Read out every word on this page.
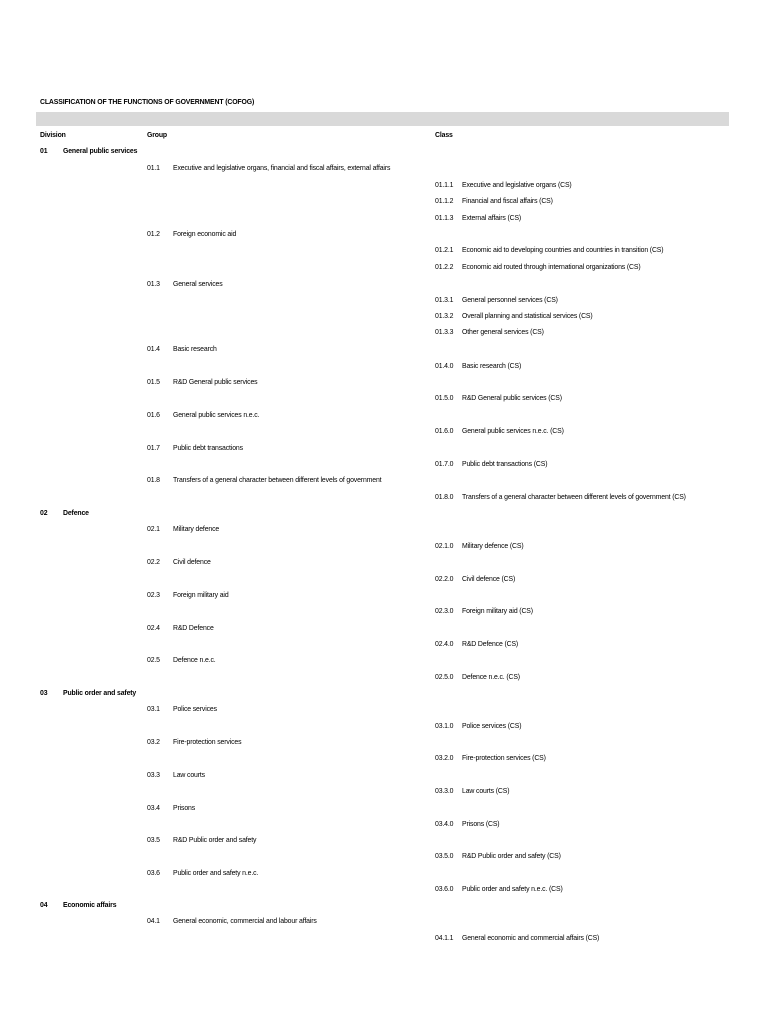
CLASSIFICATION OF THE FUNCTIONS OF GOVERNMENT (COFOG)
Division	Group	Class
01 General public services
01.1 Executive and legislative organs, financial and fiscal affairs, external affairs
01.1.1 Executive and legislative organs (CS)
01.1.2 Financial and fiscal affairs (CS)
01.1.3 External affairs (CS)
01.2 Foreign economic aid
01.2.1 Economic aid to developing countries and countries in transition (CS)
01.2.2 Economic aid routed through international organizations (CS)
01.3 General services
01.3.1 General personnel services (CS)
01.3.2 Overall planning and statistical services (CS)
01.3.3 Other general services (CS)
01.4 Basic research
01.4.0 Basic research (CS)
01.5 R&D General public services
01.5.0 R&D General public services (CS)
01.6 General public services n.e.c.
01.6.0 General public services n.e.c. (CS)
01.7 Public debt transactions
01.7.0 Public debt transactions (CS)
01.8 Transfers of a general character between different levels of government
01.8.0 Transfers of a general character between different levels of government (CS)
02 Defence
02.1 Military defence
02.1.0 Military defence (CS)
02.2 Civil defence
02.2.0 Civil defence (CS)
02.3 Foreign military aid
02.3.0 Foreign military aid (CS)
02.4 R&D Defence
02.4.0 R&D Defence (CS)
02.5 Defence n.e.c.
02.5.0 Defence n.e.c. (CS)
03 Public order and safety
03.1 Police services
03.1.0 Police services (CS)
03.2 Fire-protection services
03.2.0 Fire-protection services (CS)
03.3 Law courts
03.3.0 Law courts (CS)
03.4 Prisons
03.4.0 Prisons (CS)
03.5 R&D Public order and safety
03.5.0 R&D Public order and safety (CS)
03.6 Public order and safety n.e.c.
03.6.0 Public order and safety n.e.c. (CS)
04 Economic affairs
04.1 General economic, commercial and labour affairs
04.1.1 General economic and commercial affairs (CS)
